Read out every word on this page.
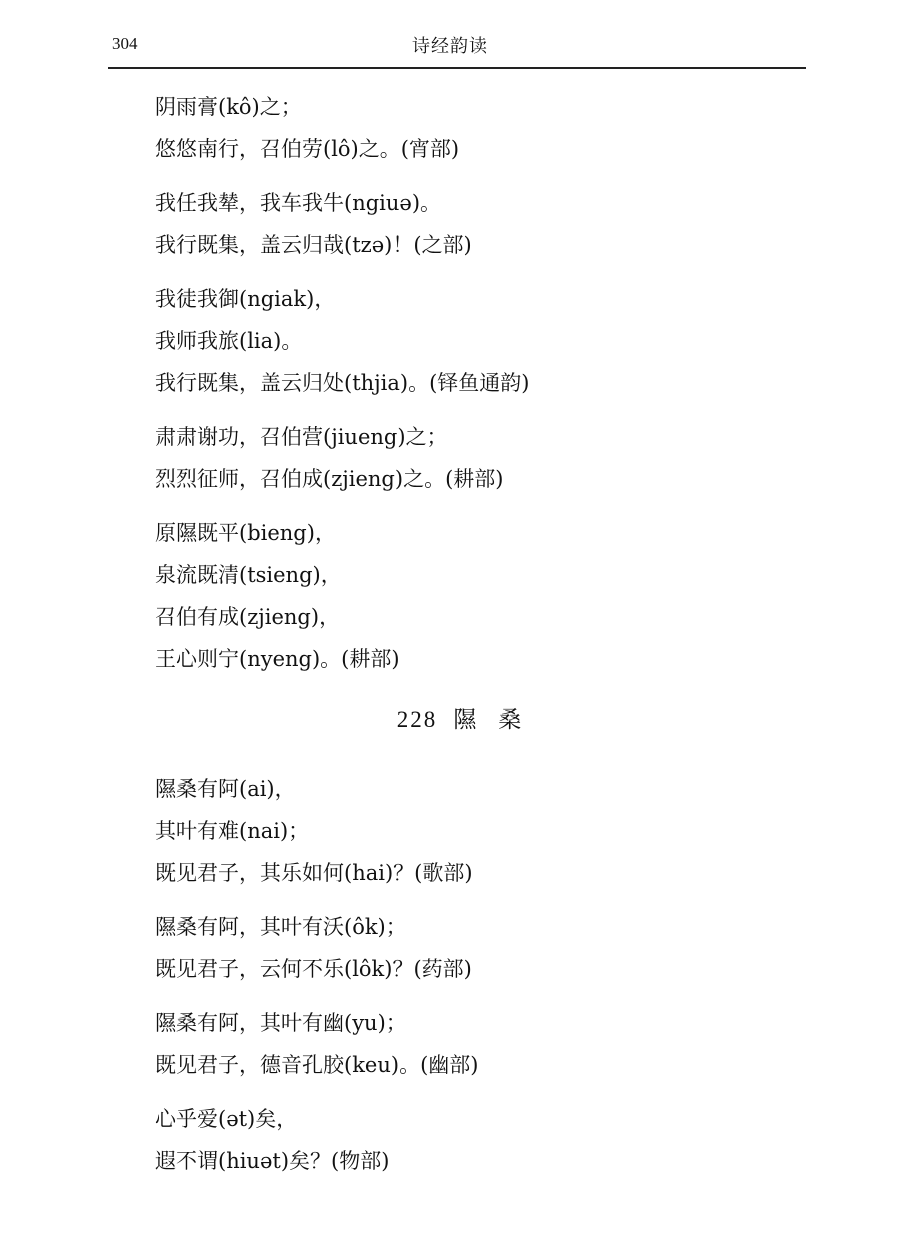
304	诗经韵读
阴雨膏(kô)之；
悠悠南行，召伯劳(lô)之。(宵部)
我任我辇，我车我牛(ngiuə)。
我行既集，盖云归哉(tzə)！(之部)
我徒我御(ngiak)，
我师我旅(lia)。
我行既集，盖云归处(thjia)。(铎鱼通韵)
肃肃谢功，召伯营(jiueng)之；
烈烈征师，召伯成(zjieng)之。(耕部)
原隰既平(bieng)，
泉流既清(tsieng)，
召伯有成(zjieng)，
王心则宁(nyeng)。(耕部)
228 隰桑
隰桑有阿(ai)，
其叶有难(nai)；
既见君子，其乐如何(hai)？(歌部)
隰桑有阿，其叶有沃(ôk)；
既见君子，云何不乐(lôk)？(药部)
隰桑有阿，其叶有幽(yu)；
既见君子，德音孔胶(keu)。(幽部)
心乎爱(ət)矣，
遐不谓(hiuət)矣？(物部)
